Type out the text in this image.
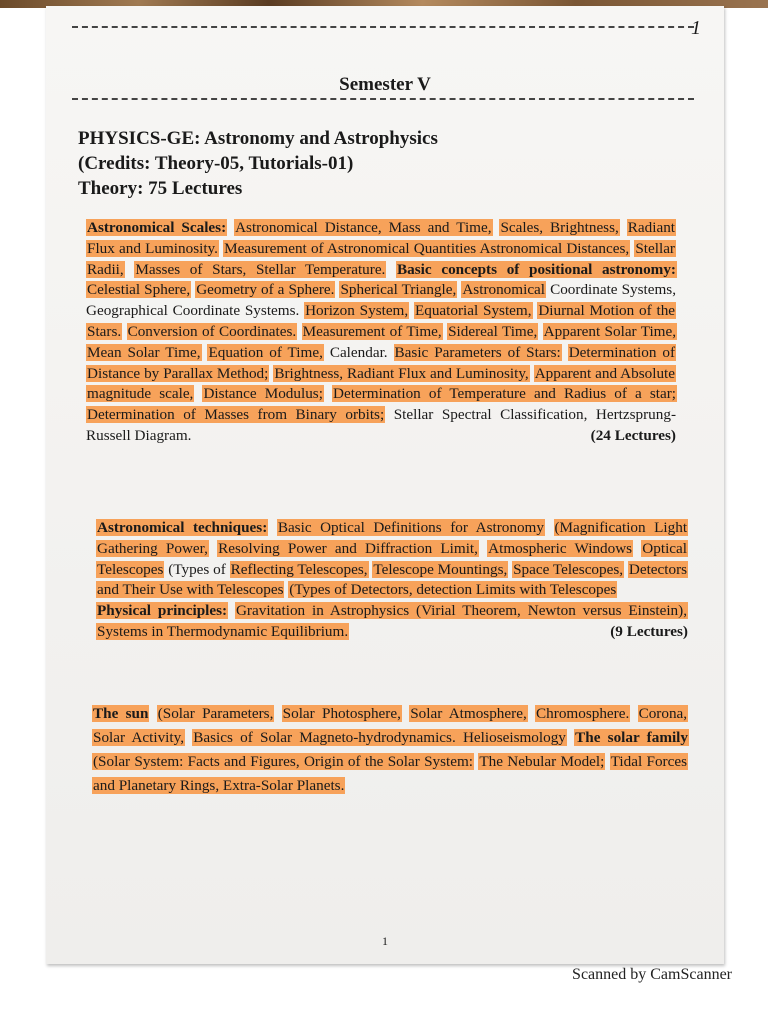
1
Semester V
PHYSICS-GE: Astronomy and Astrophysics
(Credits: Theory-05, Tutorials-01)
Theory: 75 Lectures
Astronomical Scales: Astronomical Distance, Mass and Time, Scales, Brightness, Radiant Flux and Luminosity. Measurement of Astronomical Quantities Astronomical Distances, Stellar Radii, Masses of Stars, Stellar Temperature. Basic concepts of positional astronomy: Celestial Sphere, Geometry of a Sphere. Spherical Triangle, Astronomical Coordinate Systems, Geographical Coordinate Systems. Horizon System, Equatorial System, Diurnal Motion of the Stars. Conversion of Coordinates. Measurement of Time, Sidereal Time, Apparent Solar Time, Mean Solar Time, Equation of Time, Calendar. Basic Parameters of Stars: Determination of Distance by Parallax Method; Brightness, Radiant Flux and Luminosity, Apparent and Absolute magnitude scale, Distance Modulus; Determination of Temperature and Radius of a star; Determination of Masses from Binary orbits; Stellar Spectral Classification, Hertzsprung-Russell Diagram.	(24 Lectures)
Astronomical techniques: Basic Optical Definitions for Astronomy (Magnification Light Gathering Power, Resolving Power and Diffraction Limit, Atmospheric Windows Optical Telescopes (Types of Reflecting Telescopes, Telescope Mountings, Space Telescopes, Detectors and Their Use with Telescopes (Types of Detectors, detection Limits with Telescopes
Physical principles: Gravitation in Astrophysics (Virial Theorem, Newton versus Einstein), Systems in Thermodynamic Equilibrium.	(9 Lectures)
The sun (Solar Parameters, Solar Photosphere, Solar Atmosphere, Chromosphere. Corona, Solar Activity, Basics of Solar Magneto-hydrodynamics. Helioseismology The solar family (Solar System: Facts and Figures, Origin of the Solar System: The Nebular Model; Tidal Forces and Planetary Rings, Extra-Solar Planets.
1
Scanned by CamScanner
